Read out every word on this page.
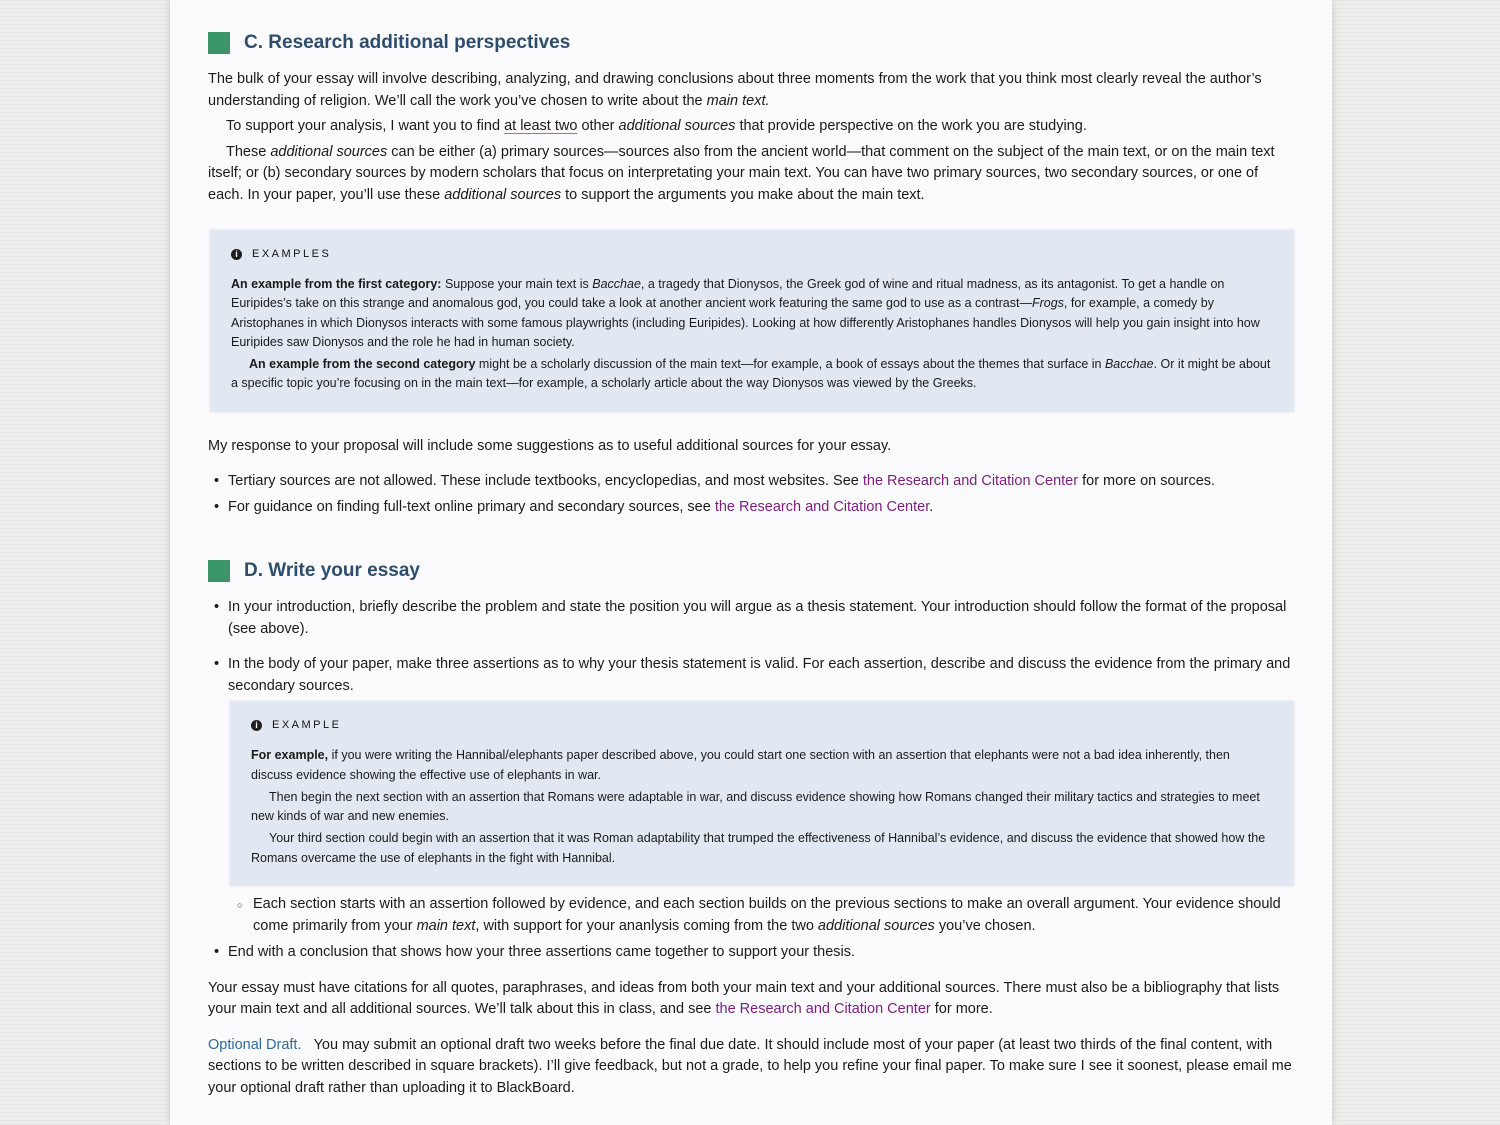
C. Research additional perspectives

The bulk of your essay will involve describing, analyzing, and drawing conclusions about three moments from the work that you think most clearly reveal the author’s understanding of religion. We’ll call the work you’ve chosen to write about the main text.

To support your analysis, I want you to find at least two other additional sources that provide perspective on the work you are studying.

These additional sources can be either (a) primary sources—sources also from the ancient world—that comment on the subject of the main text, or on the main text itself; or (b) secondary sources by modern scholars that focus on interpretating your main text. You can have two primary sources, two secondary sources, or one of each. In your paper, you’ll use these additional sources to support the arguments you make about the main text.

i	EXAMPLES

An example from the first category: Suppose your main text is Bacchae, a tragedy that Dionysos, the Greek god of wine and ritual madness, as its antagonist. To get a handle on Euripides’s take on this strange and anomalous god, you could take a look at another ancient work featuring the same god to use as a contrast—Frogs, for example, a comedy by Aristophanes in which Dionysos interacts with some famous playwrights (including Euripides). Looking at how differently Aristophanes handles Dionysos will help you gain insight into how Euripides saw Dionysos and the role he had in human society.

An example from the second category might be a scholarly discussion of the main text—for example, a book of essays about the themes that surface in Bacchae. Or it might be about a specific topic you’re focusing on in the main text—for example, a scholarly article about the way Dionysos was viewed by the Greeks.

My response to your proposal will include some suggestions as to useful additional sources for your essay.

• Tertiary sources are not allowed. These include textbooks, encyclopedias, and most websites. See the Research and Citation Center for more on sources.
• For guidance on finding full-text online primary and secondary sources, see the Research and Citation Center.
D. Write your essay
• In your introduction, briefly describe the problem and state the position you will argue as a thesis statement. Your introduction should follow the format of the proposal (see above).
• In the body of your paper, make three assertions as to why your thesis statement is valid. For each assertion, describe and discuss the evidence from the primary and secondary sources.
i	EXAMPLE

For example, if you were writing the Hannibal/elephants paper described above, you could start one section with an assertion that elephants were not a bad idea inherently, then discuss evidence showing the effective use of elephants in war.

Then begin the next section with an assertion that Romans were adaptable in war, and discuss evidence showing how Romans changed their military tactics and strategies to meet new kinds of war and new enemies.

Your third section could begin with an assertion that it was Roman adaptability that trumped the effectiveness of Hannibal’s evidence, and discuss the evidence that showed how the Romans overcame the use of elephants in the fight with Hannibal.

○ Each section starts with an assertion followed by evidence, and each section builds on the previous sections to make an overall argument. Your evidence should come primarily from your main text, with support for your ananlysis coming from the two additional sources you’ve chosen.
• End with a conclusion that shows how your three assertions came together to support your thesis.

Your essay must have citations for all quotes, paraphrases, and ideas from both your main text and your additional sources. There must also be a bibliography that lists your main text and all additional sources. We’ll talk about this in class, and see the Research and Citation Center for more.

Optional Draft. You may submit an optional draft two weeks before the final due date. It should include most of your paper (at least two thirds of the final content, with sections to be written described in square brackets). I’ll give feedback, but not a grade, to help you refine your final paper. To make sure I see it soonest, please email me your optional draft rather than uploading it to BlackBoard.
